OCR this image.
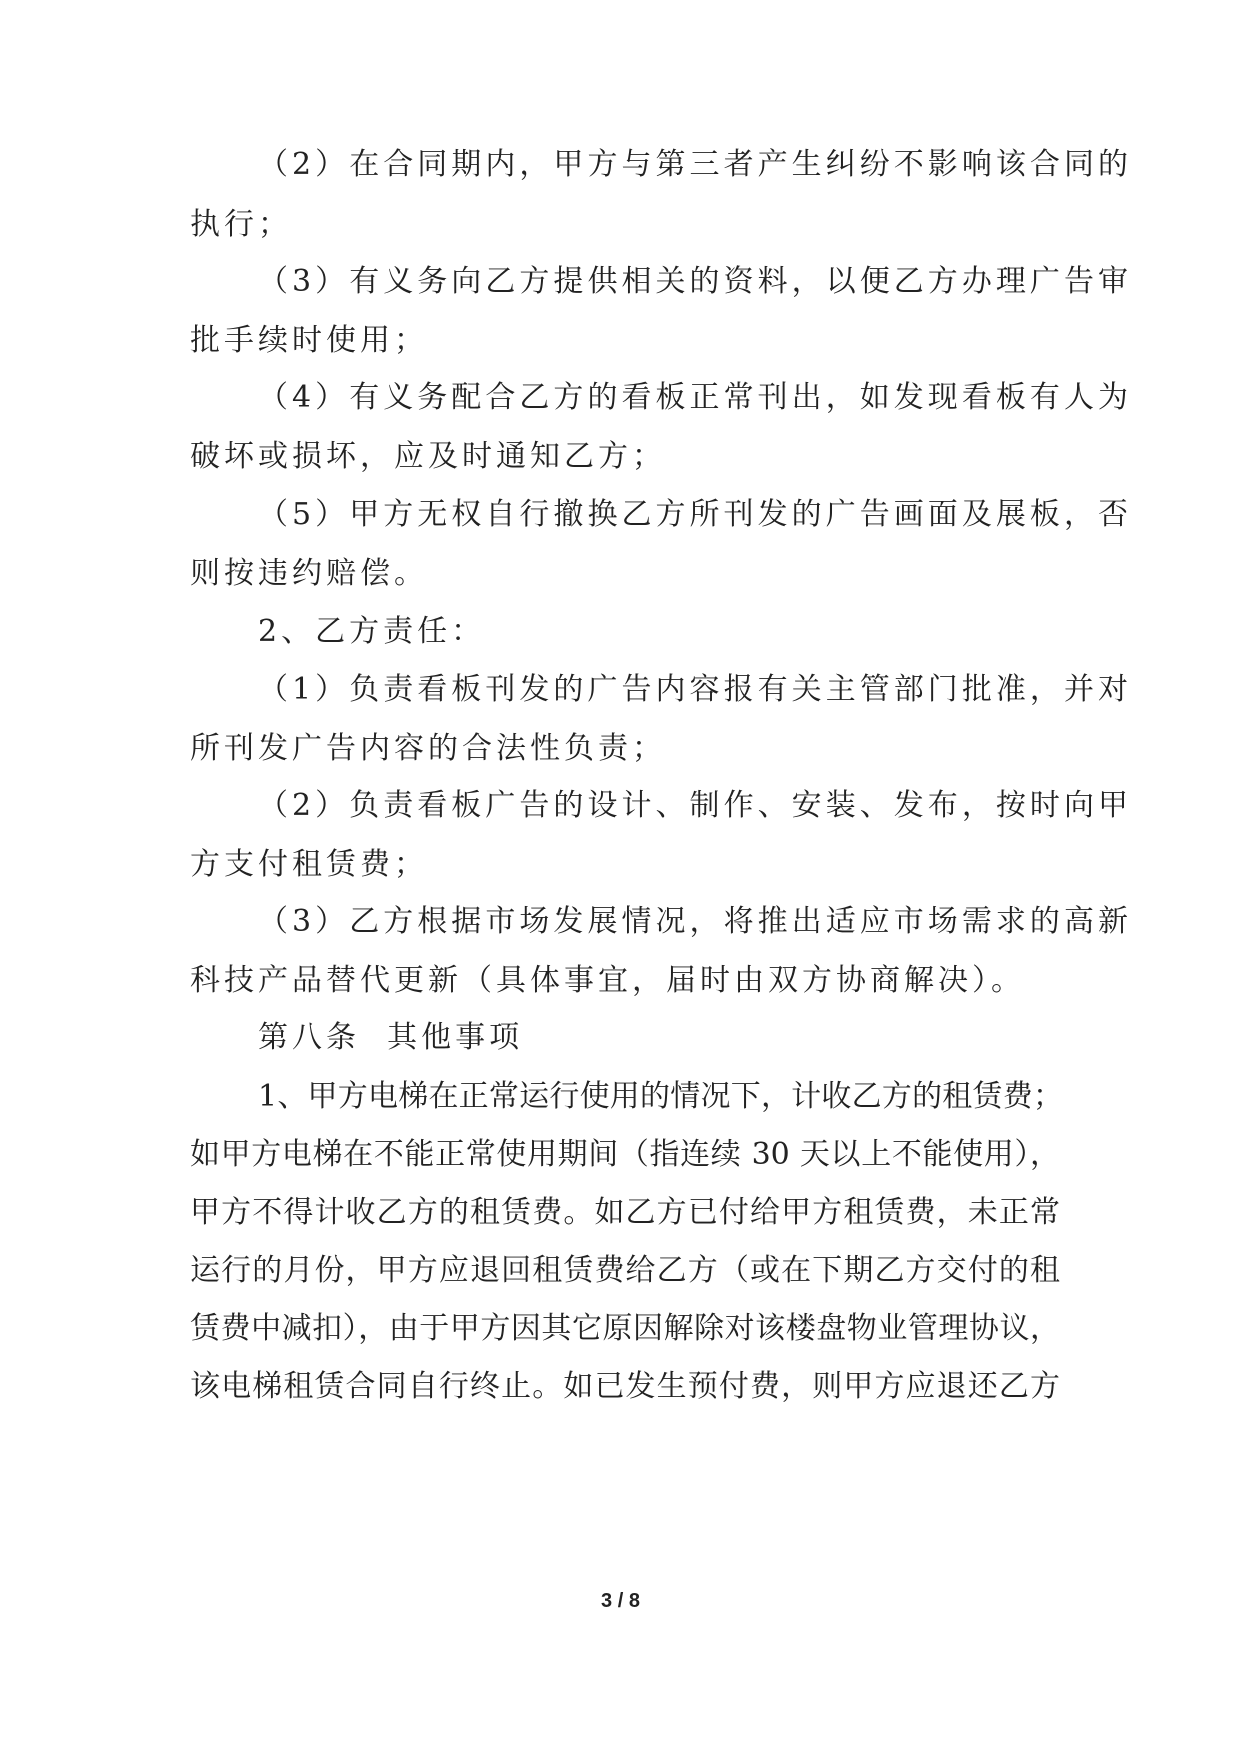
（2）在合同期内，甲方与第三者产生纠纷不影响该合同的
执行；
（3）有义务向乙方提供相关的资料，以便乙方办理广告审
批手续时使用；
（4）有义务配合乙方的看板正常刊出，如发现看板有人为
破坏或损坏，应及时通知乙方；
（5）甲方无权自行撤换乙方所刊发的广告画面及展板，否
则按违约赔偿。
2、乙方责任：
（1）负责看板刊发的广告内容报有关主管部门批准，并对
所刊发广告内容的合法性负责；
（2）负责看板广告的设计、制作、安装、发布，按时向甲
方支付租赁费；
（3）乙方根据市场发展情况，将推出适应市场需求的高新
科技产品替代更新（具体事宜，届时由双方协商解决）。
第八条  其他事项
1、甲方电梯在正常运行使用的情况下，计收乙方的租赁费；
如甲方电梯在不能正常使用期间（指连续 30 天以上不能使用），
甲方不得计收乙方的租赁费。如乙方已付给甲方租赁费，未正常
运行的月份，甲方应退回租赁费给乙方（或在下期乙方交付的租
赁费中减扣），由于甲方因其它原因解除对该楼盘物业管理协议，
该电梯租赁合同自行终止。如已发生预付费，则甲方应退还乙方
3 / 8
